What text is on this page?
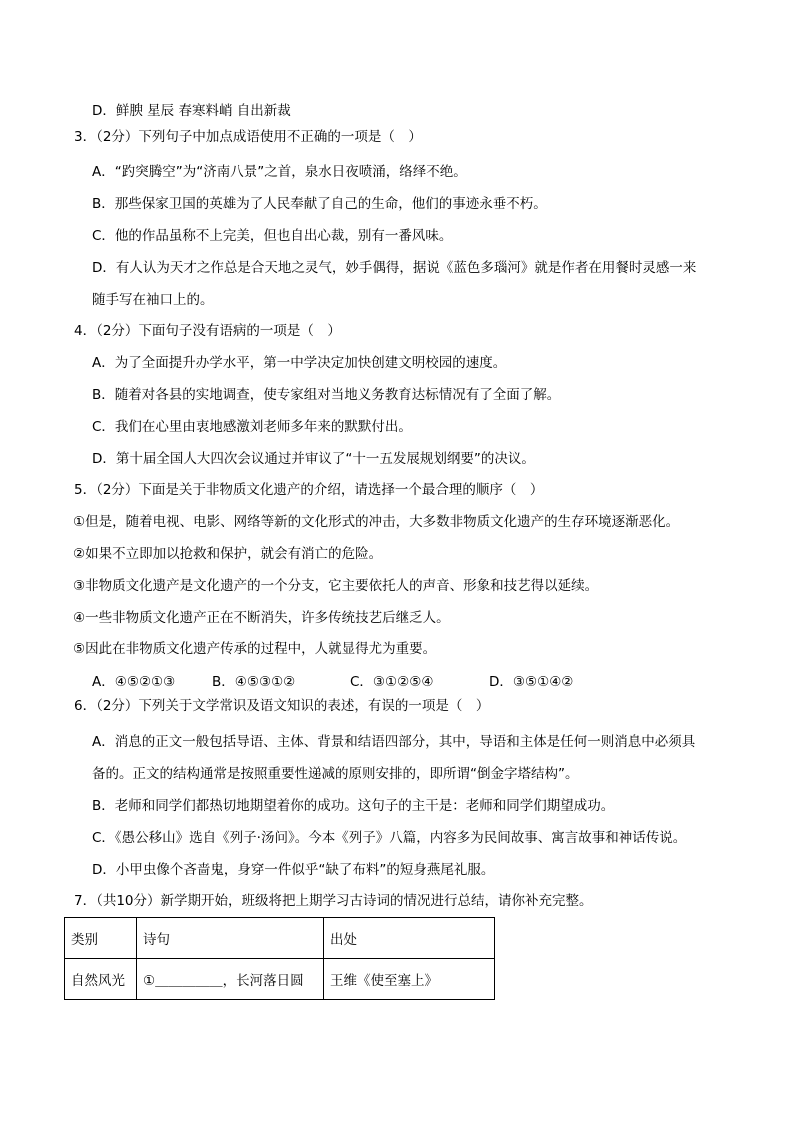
D．鲜腴 星辰 春寒料峭 自出新裁
3．（2分）下列句子中加点成语使用不正确的一项是（　）
A．“趵突腾空”为“济南八景”之首，泉水日夜喷涌，络绎不绝。
B．那些保家卫国的英雄为了人民奉献了自己的生命，他们的事迹永垂不朽。
C．他的作品虽称不上完美，但也自出心裁，别有一番风味。
D．有人认为天才之作总是合天地之灵气，妙手偶得，据说《蓝色多瑙河》就是作者在用餐时灵感一来
随手写在袖口上的。
4．（2分）下面句子没有语病的一项是（　）
A．为了全面提升办学水平，第一中学决定加快创建文明校园的速度。
B．随着对各县的实地调查，使专家组对当地义务教育达标情况有了全面了解。
C．我们在心里由衷地感激刘老师多年来的默默付出。
D．第十届全国人大四次会议通过并审议了“十一五发展规划纲要”的决议。
5．（2分）下面是关于非物质文化遗产的介绍，请选择一个最合理的顺序（　）
①但是，随着电视、电影、网络等新的文化形式的冲击，大多数非物质文化遗产的生存环境逐渐恶化。
②如果不立即加以抢救和保护，就会有消亡的危险。
③非物质文化遗产是文化遗产的一个分支，它主要依托人的声音、形象和技艺得以延续。
④一些非物质文化遗产正在不断消失，许多传统技艺后继乏人。
⑤因此在非物质文化遗产传承的过程中，人就显得尤为重要。
A．④⑤②①③	B．④⑤③①②	C．③①②⑤④	D．③⑤①④②
6．（2分）下列关于文学常识及语文知识的表述，有误的一项是（　）
A．消息的正文一般包括导语、主体、背景和结语四部分，其中，导语和主体是任何一则消息中必须具
备的。正文的结构通常是按照重要性递减的原则安排的，即所谓“倒金字塔结构”。
B．老师和同学们都热切地期望着你的成功。这句子的主干是：老师和同学们期望成功。
C．《愚公移山》选自《列子·汤问》。今本《列子》八篇，内容多为民间故事、寓言故事和神话传说。
D．小甲虫像个吝啬鬼，身穿一件似乎“缺了布料”的短身燕尾礼服。
7．（共10分）新学期开始，班级将把上期学习古诗词的情况进行总结，请你补充完整。
类别	诗句	出处
自然风光	①＿＿＿＿＿，长河落日圆	王维《使至塞上》
